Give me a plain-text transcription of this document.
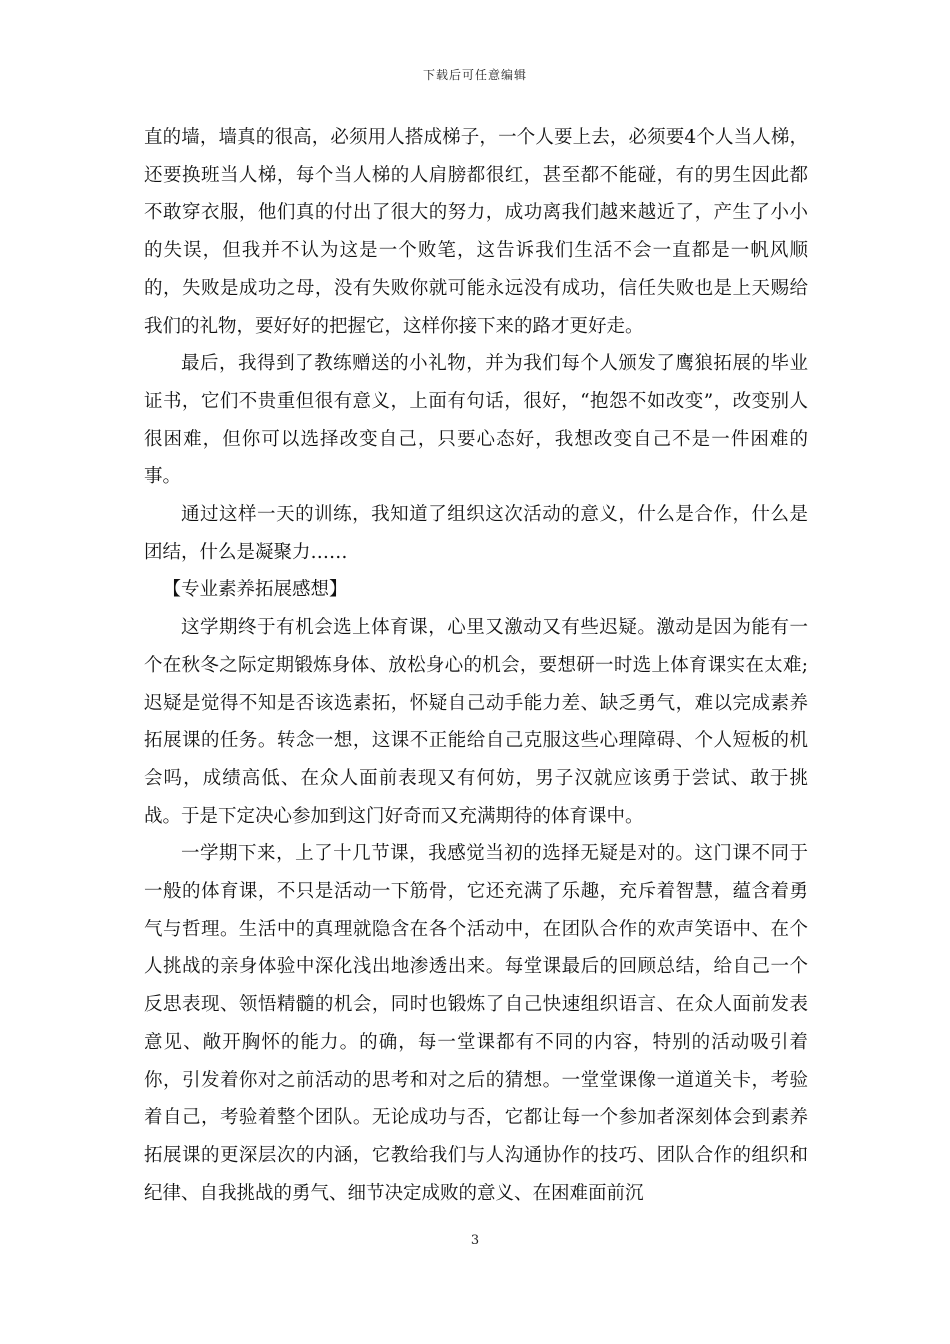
下载后可任意编辑

直的墙，墙真的很高，必须用人搭成梯子，一个人要上去，必须要4个人当人梯，还要换班当人梯，每个当人梯的人肩膀都很红，甚至都不能碰，有的男生因此都不敢穿衣服，他们真的付出了很大的努力，成功离我们越来越近了，产生了小小的失误，但我并不认为这是一个败笔，这告诉我们生活不会一直都是一帆风顺的，失败是成功之母，没有失败你就可能永远没有成功，信任失败也是上天赐给我们的礼物，要好好的把握它，这样你接下来的路才更好走。

最后，我得到了教练赠送的小礼物，并为我们每个人颁发了鹰狼拓展的毕业证书，它们不贵重但很有意义，上面有句话，很好，“抱怨不如改变”，改变别人很困难，但你可以选择改变自己，只要心态好，我想改变自己不是一件困难的事。

通过这样一天的训练，我知道了组织这次活动的意义，什么是合作，什么是团结，什么是凝聚力……

【专业素养拓展感想】

这学期终于有机会选上体育课，心里又激动又有些迟疑。激动是因为能有一个在秋冬之际定期锻炼身体、放松身心的机会，要想研一时选上体育课实在太难;迟疑是觉得不知是否该选素拓，怀疑自己动手能力差、缺乏勇气，难以完成素养拓展课的任务。转念一想，这课不正能给自己克服这些心理障碍、个人短板的机会吗，成绩高低、在众人面前表现又有何妨，男子汉就应该勇于尝试、敢于挑战。于是下定决心参加到这门好奇而又充满期待的体育课中。

一学期下来，上了十几节课，我感觉当初的选择无疑是对的。这门课不同于一般的体育课，不只是活动一下筋骨，它还充满了乐趣，充斥着智慧，蕴含着勇气与哲理。生活中的真理就隐含在各个活动中，在团队合作的欢声笑语中、在个人挑战的亲身体验中深化浅出地渗透出来。每堂课最后的回顾总结，给自己一个反思表现、领悟精髓的机会，同时也锻炼了自己快速组织语言、在众人面前发表意见、敞开胸怀的能力。的确，每一堂课都有不同的内容，特别的活动吸引着你，引发着你对之前活动的思考和对之后的猜想。一堂堂课像一道道关卡，考验着自己，考验着整个团队。无论成功与否，它都让每一个参加者深刻体会到素养拓展课的更深层次的内涵，它教给我们与人沟通协作的技巧、团队合作的组织和纪律、自我挑战的勇气、细节决定成败的意义、在困难面前沉

3
